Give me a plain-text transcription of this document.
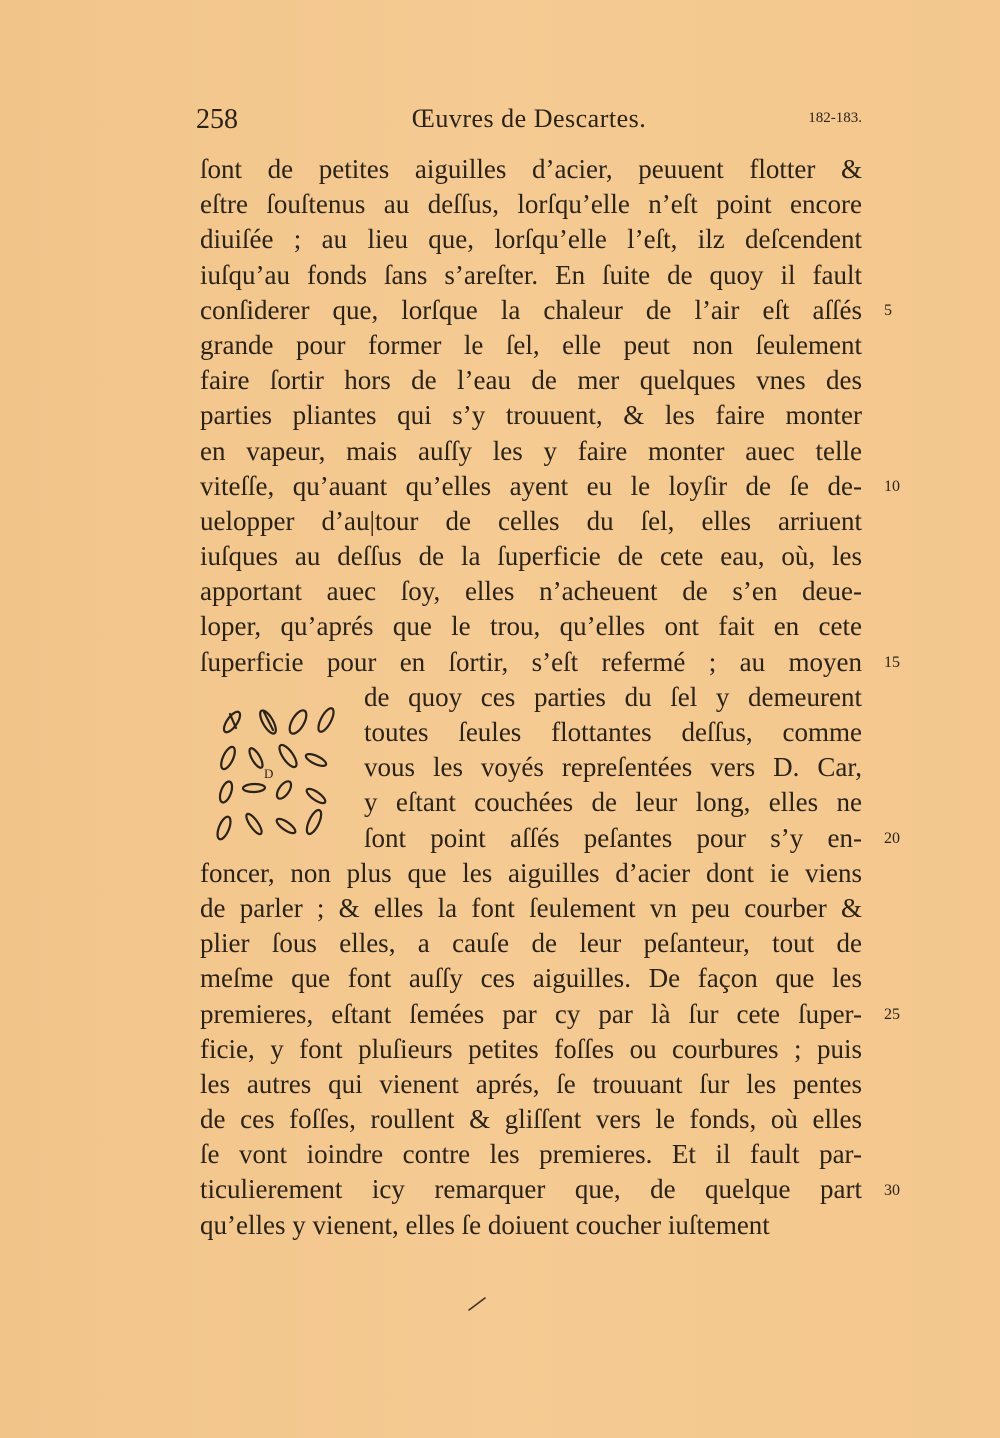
258	Œuvres de Descartes.	182-183.
ſont de petites aiguilles d’acier, peuuent flotter &
eſtre ſouſtenus au deſſus, lorſqu’elle n’eſt point encore
diuiſée ; au lieu que, lorſqu’elle l’eſt, ilz deſcendent
iuſqu’au fonds ſans s’areſter. En ſuite de quoy il fault
conſiderer que, lorſque la chaleur de l’air eſt aſſés
grande pour former le ſel, elle peut non ſeulement
faire ſortir hors de l’eau de mer quelques vnes des
parties pliantes qui s’y trouuent, & les faire monter
en vapeur, mais auſſy les y faire monter auec telle
viteſſe, qu’auant qu’elles ayent eu le loyſir de ſe de-
uelopper d’au|tour de celles du ſel, elles arriuent
iuſques au deſſus de la ſuperficie de cete eau, où, les
apportant auec ſoy, elles n’acheuent de s’en deue-
loper, qu’aprés que le trou, qu’elles ont fait en cete
ſuperficie pour en ſortir, s’eſt refermé ; au moyen
de quoy ces parties du ſel y demeurent
toutes ſeules flottantes deſſus, comme
vous les voyés repreſentées vers D. Car,
y eſtant couchées de leur long, elles ne
ſont point aſſés peſantes pour s’y en-
foncer, non plus que les aiguilles d’acier dont ie viens
de parler ; & elles la font ſeulement vn peu courber &
plier ſous elles, a cauſe de leur peſanteur, tout de
meſme que font auſſy ces aiguilles. De façon que les
premieres, eſtant ſemées par cy par là ſur cete ſuper-
ficie, y font pluſieurs petites foſſes ou courbures ; puis
les autres qui vienent aprés, ſe trouuant ſur les pentes
de ces foſſes, roullent & gliſſent vers le fonds, où elles
ſe vont ioindre contre les premieres. Et il fault par-
ticulierement icy remarquer que, de quelque part
qu’elles y vienent, elles ſe doiuent coucher iuſtement
5
10
15
20
25
30
D
